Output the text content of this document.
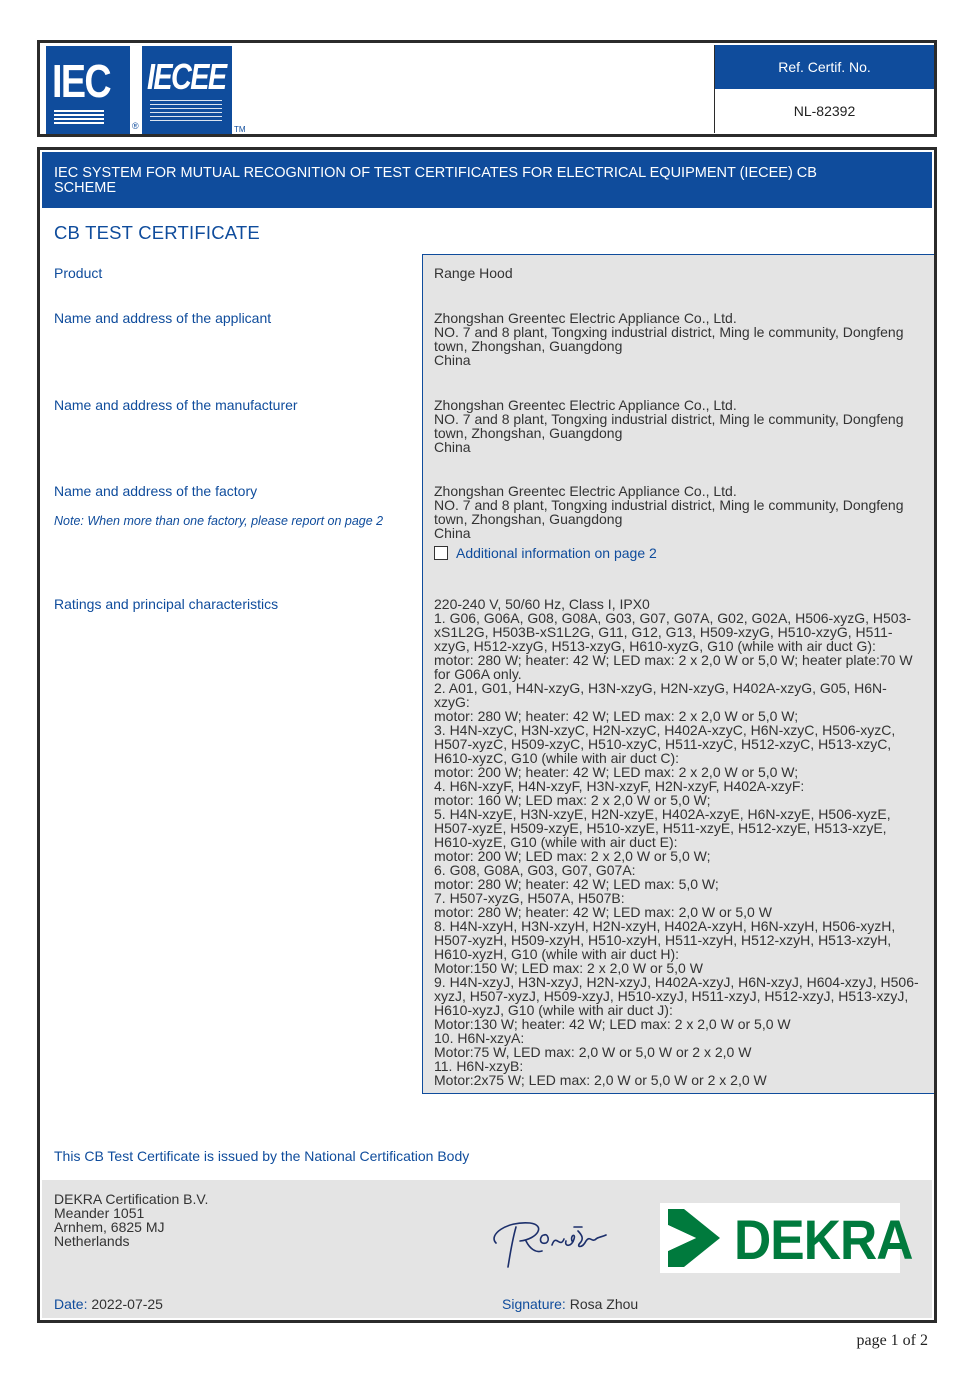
IEC
®
IECEE
TM
Ref. Certif. No.
NL-82392
IEC SYSTEM FOR MUTUAL RECOGNITION OF TEST CERTIFICATES FOR ELECTRICAL EQUIPMENT (IECEE) CB
SCHEME
CB TEST CERTIFICATE
Product	Range Hood
Name and address of the applicant	Zhongshan Greentec Electric Appliance Co., Ltd.
NO. 7 and 8 plant, Tongxing industrial district, Ming le community, Dongfeng
town, Zhongshan, Guangdong
China
Name and address of the manufacturer	Zhongshan Greentec Electric Appliance Co., Ltd.
NO. 7 and 8 plant, Tongxing industrial district, Ming le community, Dongfeng
town, Zhongshan, Guangdong
China
Name and address of the factory
Note: When more than one factory, please report on page 2
Zhongshan Greentec Electric Appliance Co., Ltd.
NO. 7 and 8 plant, Tongxing industrial district, Ming le community, Dongfeng
town, Zhongshan, Guangdong
China
Additional information on page 2
Ratings and principal characteristics	220-240 V, 50/60 Hz, Class I, IPX0
1. G06, G06A, G08, G08A, G03, G07, G07A, G02, G02A, H506-xyzG, H503-
xS1L2G, H503B-xS1L2G, G11, G12, G13, H509-xzyG, H510-xzyG, H511-
xzyG, H512-xzyG, H513-xzyG, H610-xyzG, G10 (while with air duct G):
motor: 280 W; heater: 42 W; LED max: 2 x 2,0 W or 5,0 W; heater plate:70 W
for G06A only.
2. A01, G01, H4N-xzyG, H3N-xzyG, H2N-xzyG, H402A-xzyG, G05, H6N-
xzyG:
motor: 280 W; heater: 42 W; LED max: 2 x 2,0 W or 5,0 W;
3. H4N-xzyC, H3N-xzyC, H2N-xzyC, H402A-xzyC, H6N-xzyC, H506-xyzC,
H507-xyzC, H509-xzyC, H510-xzyC, H511-xzyC, H512-xzyC, H513-xzyC,
H610-xyzC, G10 (while with air duct C):
motor: 200 W; heater: 42 W; LED max: 2 x 2,0 W or 5,0 W;
4. H6N-xzyF, H4N-xzyF, H3N-xzyF, H2N-xzyF, H402A-xzyF:
motor: 160 W; LED max: 2 x 2,0 W or 5,0 W;
5. H4N-xzyE, H3N-xzyE, H2N-xzyE, H402A-xzyE, H6N-xzyE, H506-xyzE,
H507-xyzE, H509-xzyE, H510-xzyE, H511-xzyE, H512-xzyE, H513-xzyE,
H610-xyzE, G10 (while with air duct E):
motor: 200 W; LED max: 2 x 2,0 W or 5,0 W;
6. G08, G08A, G03, G07, G07A:
motor: 280 W; heater: 42 W; LED max: 5,0 W;
7. H507-xyzG, H507A, H507B:
motor: 280 W; heater: 42 W; LED max: 2,0 W or 5,0 W
8. H4N-xzyH, H3N-xzyH, H2N-xzyH, H402A-xzyH, H6N-xzyH, H506-xyzH,
H507-xyzH, H509-xzyH, H510-xzyH, H511-xzyH, H512-xzyH, H513-xzyH,
H610-xyzH, G10 (while with air duct H):
Motor:150 W; LED max: 2 x 2,0 W or 5,0 W
9. H4N-xzyJ, H3N-xzyJ, H2N-xzyJ, H402A-xzyJ, H6N-xzyJ, H604-xzyJ, H506-
xyzJ, H507-xyzJ, H509-xzyJ, H510-xzyJ, H511-xzyJ, H512-xzyJ, H513-xzyJ,
H610-xyzJ, G10 (while with air duct J):
Motor:130 W; heater: 42 W; LED max: 2 x 2,0 W or 5,0 W
10. H6N-xzyA:
Motor:75 W, LED max: 2,0 W or 5,0 W or 2 x 2,0 W
11. H6N-xzyB:
Motor:2x75 W; LED max: 2,0 W or 5,0 W or 2 x 2,0 W
This CB Test Certificate is issued by the National Certification Body
DEKRA Certification B.V.
Meander 1051
Arnhem, 6825 MJ
Netherlands	DEKRA
Date: 2022-07-25	Signature: Rosa Zhou
page 1 of 2
